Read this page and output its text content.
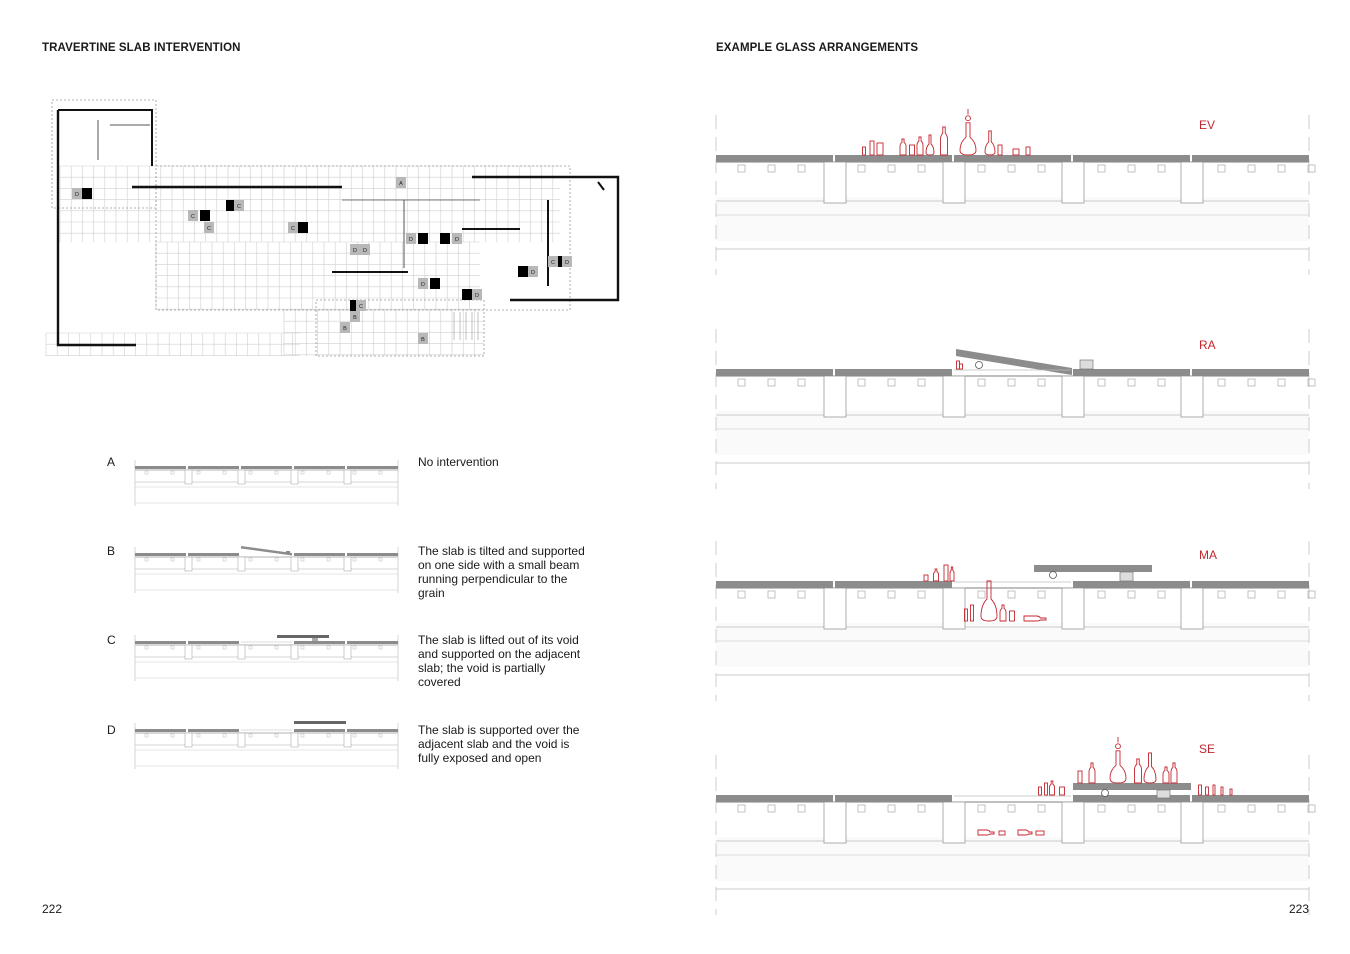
TRAVERTINE SLAB INTERVENTION	EXAMPLE GLASS ARRANGEMENTS
222	223
A
B
B
B
C
C
C
C
C
C
D
D
D	D
D
D
D
D
D
A	No intervention
B	The slab is tilted and supported on one side with a small beam running perpendicular to the grain
C	The slab is lifted out of its void and supported on the adjacent slab; the void is partially covered
D	The slab is supported over the adjacent slab and the void is fully exposed and open
EV
RA
MA
SE
